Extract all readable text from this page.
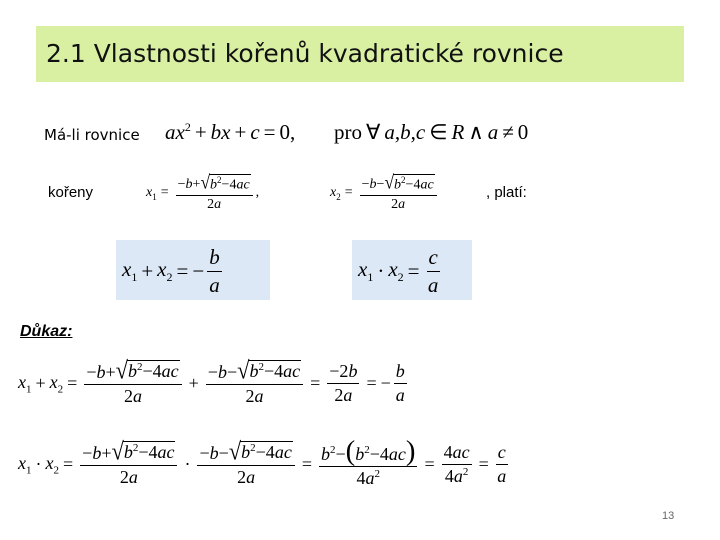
2.1 Vlastnosti kořenů kvadratické rovnice
Má-li rovnice $ax^2$ + bx + c = 0, pro ∀ a , b , c ∈ R ∧ a ≠ 0
kořeny	$x_1 = \frac{-b+ √ b^2-4ac}{2a}$ ,	$x_2 = \frac{-b- √ b^2-4ac}{2a}$	, platí:
$x_1 + x_2$ = − $\frac{b}{a}$	$x_1 \cdot x_2 = \frac{c}{a}$
Důkaz:
$x_1 + x_2 = \frac{-b+ √ b^2-4ac}{2a} + \frac{-b- √ b^2-4ac}{2a} = \frac{-2b}{2a}$ = − $\frac{b}{a}$
$x_1 \cdot x_2 = \frac{-b+ √ b^2-4ac}{2a} \cdot \frac{-b- √ b^2-4ac}{2a} = \frac{b^2-(b^2-4ac)}{4a^2} = \frac{4ac}{4a^2} = \frac{c}{a}$
13
